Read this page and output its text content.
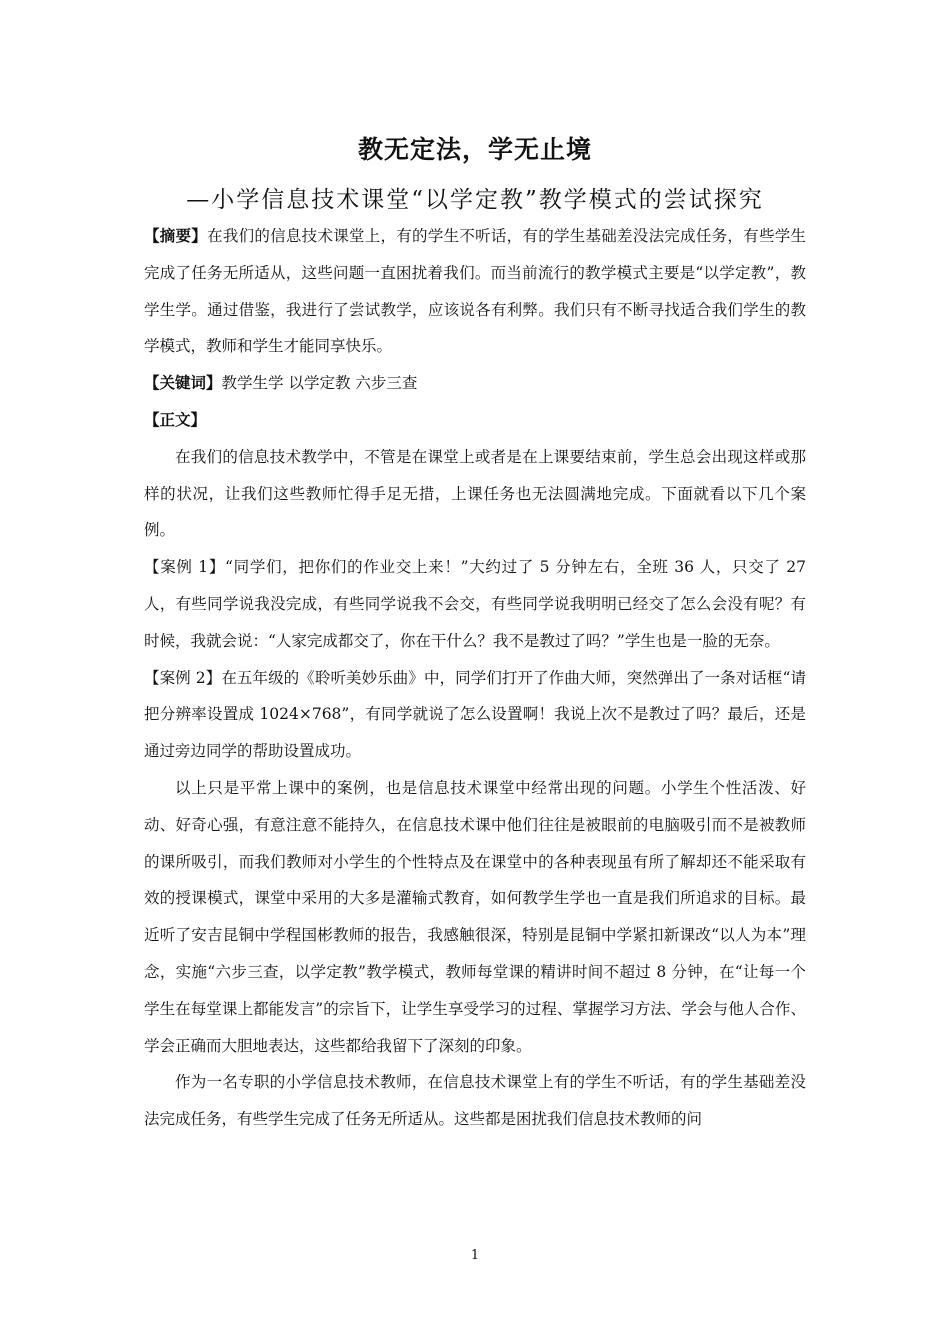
教无定法，学无止境
—小学信息技术课堂“以学定教”教学模式的尝试探究

【摘要】在我们的信息技术课堂上，有的学生不听话，有的学生基础差没法完成任务，有些学生完成了任务无所适从，这些问题一直困扰着我们。而当前流行的教学模式主要是“以学定教”，教学生学。通过借鉴，我进行了尝试教学，应该说各有利弊。我们只有不断寻找适合我们学生的教学模式，教师和学生才能同享快乐。

【关键词】教学生学 以学定教 六步三查

【正文】

在我们的信息技术教学中，不管是在课堂上或者是在上课要结束前，学生总会出现这样或那样的状况，让我们这些教师忙得手足无措，上课任务也无法圆满地完成。下面就看以下几个案例。

【案例 1】“同学们，把你们的作业交上来！”大约过了 5 分钟左右，全班 36 人，只交了 27 人，有些同学说我没完成，有些同学说我不会交，有些同学说我明明已经交了怎么会没有呢？有时候，我就会说：“人家完成都交了，你在干什么？我不是教过了吗？”学生也是一脸的无奈。

【案例 2】在五年级的《聆听美妙乐曲》中，同学们打开了作曲大师，突然弹出了一条对话框“请把分辨率设置成 1024×768”，有同学就说了怎么设置啊！我说上次不是教过了吗？最后，还是通过旁边同学的帮助设置成功。

以上只是平常上课中的案例，也是信息技术课堂中经常出现的问题。小学生个性活泼、好动、好奇心强，有意注意不能持久，在信息技术课中他们往往是被眼前的电脑吸引而不是被教师的课所吸引，而我们教师对小学生的个性特点及在课堂中的各种表现虽有所了解却还不能采取有效的授课模式，课堂中采用的大多是灌输式教育，如何教学生学也一直是我们所追求的目标。最近听了安吉昆铜中学程国彬教师的报告，我感触很深，特别是昆铜中学紧扣新课改“以人为本”理念，实施“六步三查，以学定教”教学模式，教师每堂课的精讲时间不超过 8 分钟，在“让每一个学生在每堂课上都能发言”的宗旨下，让学生享受学习的过程、掌握学习方法、学会与他人合作、学会正确而大胆地表达，这些都给我留下了深刻的印象。

作为一名专职的小学信息技术教师，在信息技术课堂上有的学生不听话，有的学生基础差没法完成任务，有些学生完成了任务无所适从。这些都是困扰我们信息技术教师的问

1
